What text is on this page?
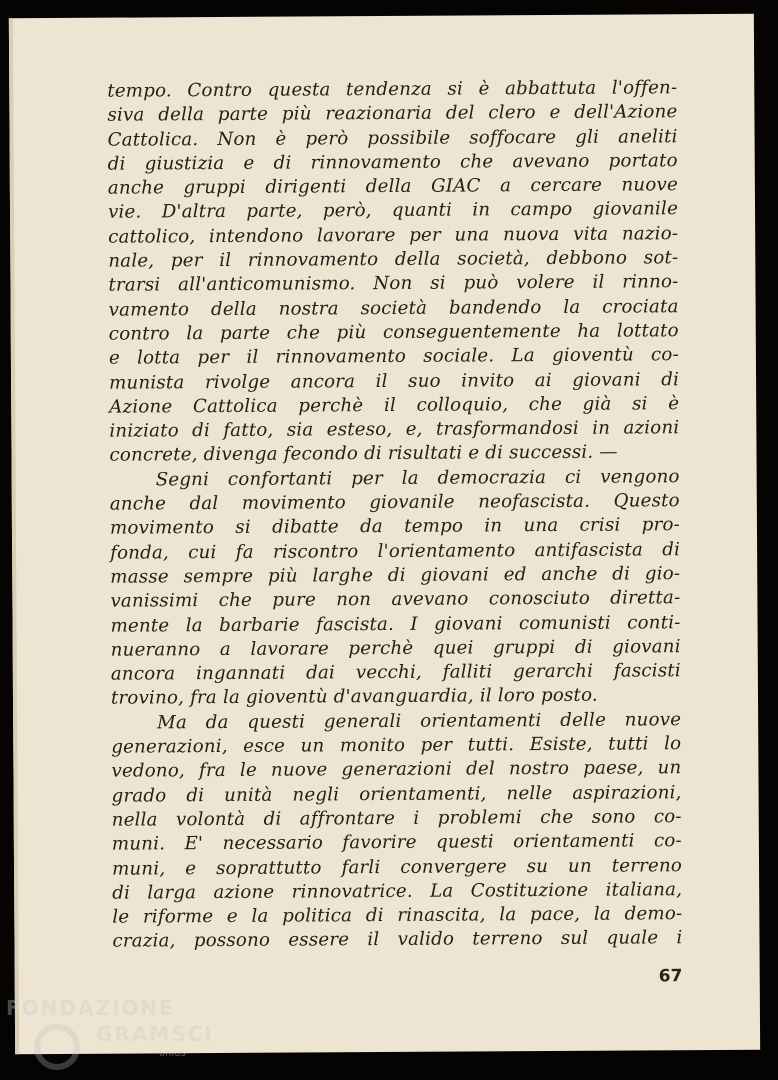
tempo. Contro questa tendenza si è abbattuta l'offen-
siva della parte più reazionaria del clero e dell'Azione
Cattolica. Non è però possibile soffocare gli aneliti
di giustizia e di rinnovamento che avevano portato
anche gruppi dirigenti della GIAC a cercare nuove
vie. D'altra parte, però, quanti in campo giovanile
cattolico, intendono lavorare per una nuova vita nazio-
nale, per il rinnovamento della società, debbono sot-
trarsi all'anticomunismo. Non si può volere il rinno-
vamento della nostra società bandendo la crociata
contro la parte che più conseguentemente ha lottato
e lotta per il rinnovamento sociale. La gioventù co-
munista rivolge ancora il suo invito ai giovani di
Azione Cattolica perchè il colloquio, che già si è
iniziato di fatto, sia esteso, e, trasformandosi in azioni
concrete, divenga fecondo di risultati e di successi. —
Segni confortanti per la democrazia ci vengono
anche dal movimento giovanile neofascista. Questo
movimento si dibatte da tempo in una crisi pro-
fonda, cui fa riscontro l'orientamento antifascista di
masse sempre più larghe di giovani ed anche di gio-
vanissimi che pure non avevano conosciuto diretta-
mente la barbarie fascista. I giovani comunisti conti-
nueranno a lavorare perchè quei gruppi di giovani
ancora ingannati dai vecchi, falliti gerarchi fascisti
trovino, fra la gioventù d'avanguardia, il loro posto.
Ma da questi generali orientamenti delle nuove
generazioni, esce un monito per tutti. Esiste, tutti lo
vedono, fra le nuove generazioni del nostro paese, un
grado di unità negli orientamenti, nelle aspirazioni,
nella volontà di affrontare i problemi che sono co-
muni. E' necessario favorire questi orientamenti co-
muni, e soprattutto farli convergere su un terreno
di larga azione rinnovatrice. La Costituzione italiana,
le riforme e la politica di rinascita, la pace, la demo-
crazia, possono essere il valido terreno sul quale i
67
FONDAZIONE
GRAMSCI
onlus
